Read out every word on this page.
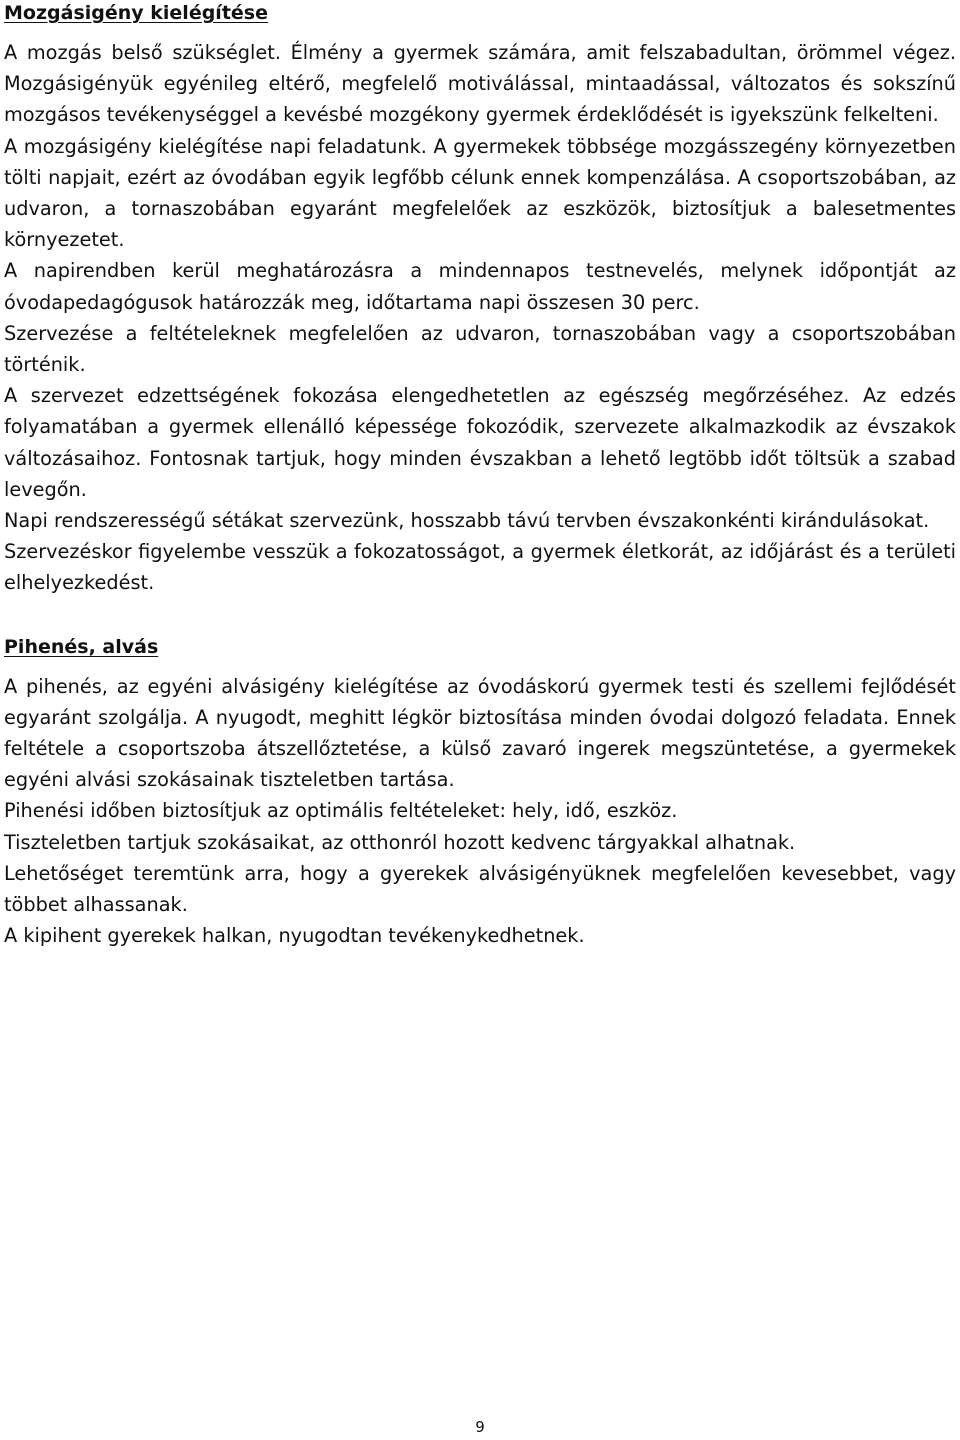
Mozgásigény kielégítése

A mozgás belső szükséglet. Élmény a gyermek számára, amit felszabadultan, örömmel végez. Mozgásigényük egyénileg eltérő, megfelelő motiválással, mintaadással, változatos és sokszínű mozgásos tevékenységgel a kevésbé mozgékony gyermek érdeklődését is igyekszünk felkelteni.

A mozgásigény kielégítése napi feladatunk. A gyermekek többsége mozgásszegény környezetben tölti napjait, ezért az óvodában egyik legfőbb célunk ennek kompenzálása. A csoportszobában, az udvaron, a tornaszobában egyaránt megfelelőek az eszközök, biztosítjuk a balesetmentes környezetet.

A napirendben kerül meghatározásra a mindennapos testnevelés, melynek időpontját az óvodapedagógusok határozzák meg, időtartama napi összesen 30 perc.

Szervezése a feltételeknek megfelelően az udvaron, tornaszobában vagy a csoportszobában történik.

A szervezet edzettségének fokozása elengedhetetlen az egészség megőrzéséhez. Az edzés folyamatában a gyermek ellenálló képessége fokozódik, szervezete alkalmazkodik az évszakok változásaihoz. Fontosnak tartjuk, hogy minden évszakban a lehető legtöbb időt töltsük a szabad levegőn.

Napi rendszerességű sétákat szervezünk, hosszabb távú tervben évszakonkénti kirándulásokat.

Szervezéskor figyelembe vesszük a fokozatosságot, a gyermek életkorát, az időjárást és a területi elhelyezkedést.

Pihenés, alvás

A pihenés, az egyéni alvásigény kielégítése az óvodáskorú gyermek testi és szellemi fejlődését egyaránt szolgálja. A nyugodt, meghitt légkör biztosítása minden óvodai dolgozó feladata. Ennek feltétele a csoportszoba átszellőztetése, a külső zavaró ingerek megszüntetése, a gyermekek egyéni alvási szokásainak tiszteletben tartása.

Pihenési időben biztosítjuk az optimális feltételeket: hely, idő, eszköz.

Tiszteletben tartjuk szokásaikat, az otthonról hozott kedvenc tárgyakkal alhatnak.

Lehetőséget teremtünk arra, hogy a gyerekek alvásigényüknek megfelelően kevesebbet, vagy többet alhassanak.

A kipihent gyerekek halkan, nyugodtan tevékenykedhetnek.

9
